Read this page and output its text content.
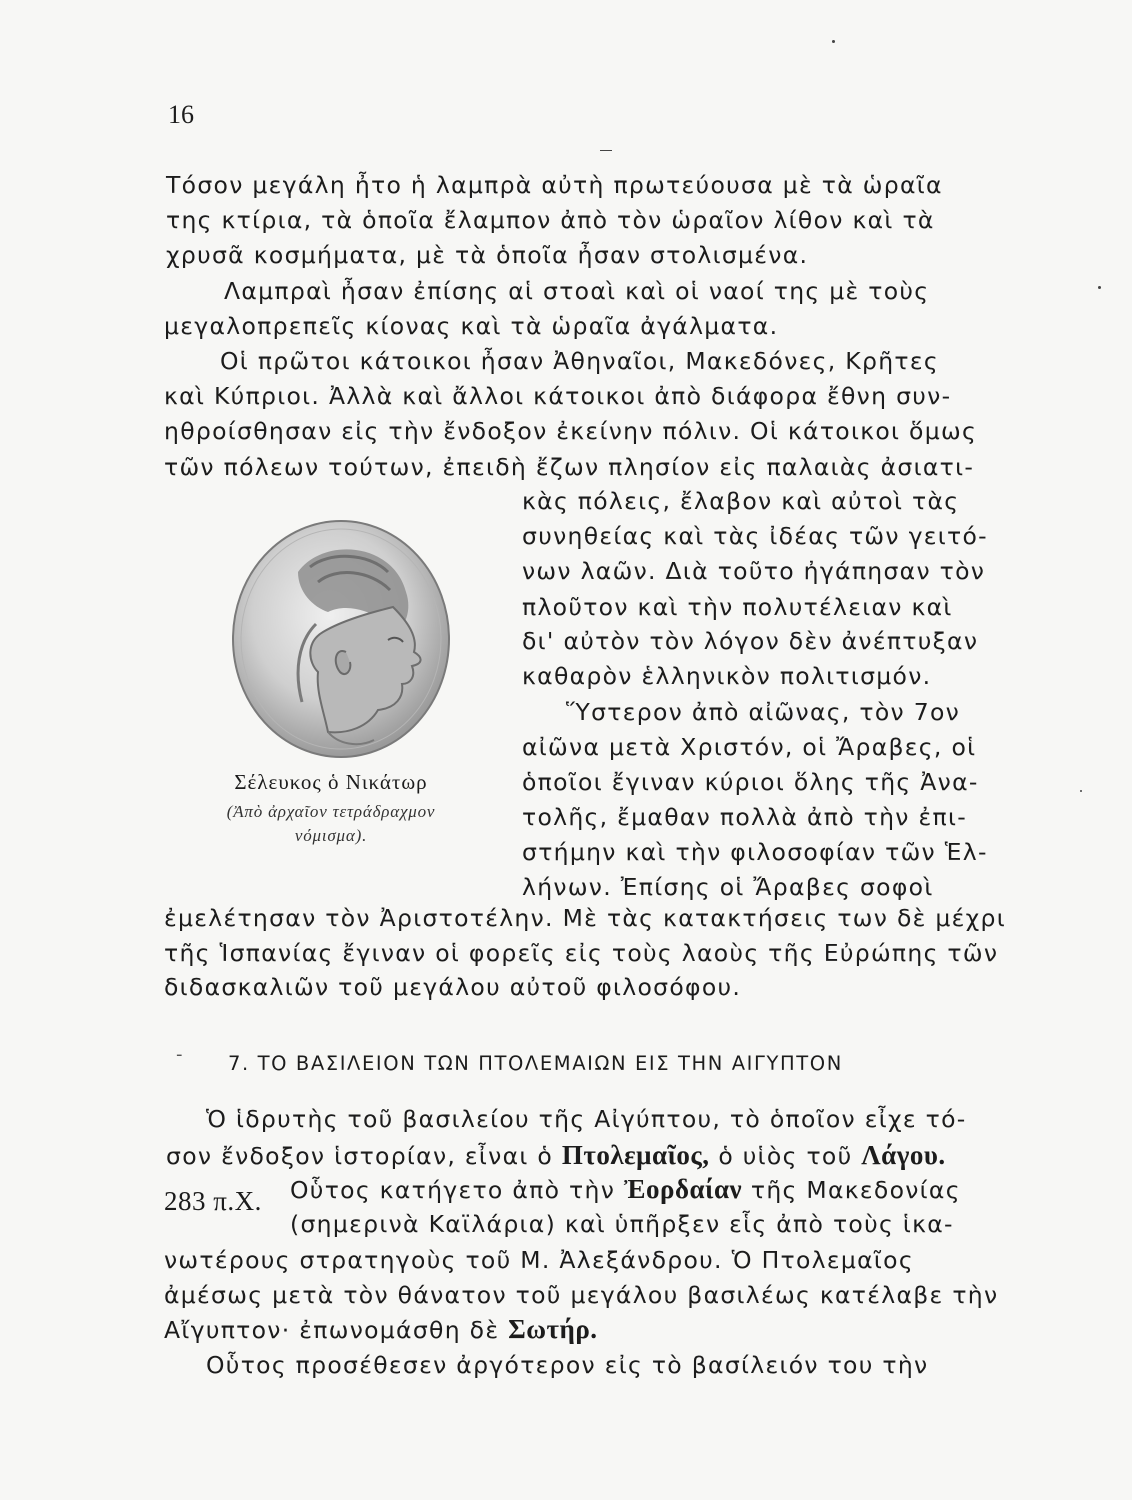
16
Τόσον μεγάλη ἦτο ἡ λαμπρὰ αὐτὴ πρωτεύουσα μὲ τὰ ὡραῖα
της κτίρια, τὰ ὁποῖα ἔλαμπον ἀπὸ τὸν ὡραῖον λίθον καὶ τὰ
χρυσᾶ κοσμήματα, μὲ τὰ ὁποῖα ἦσαν στολισμένα.
Λαμπραὶ ἦσαν ἐπίσης αἱ στοαὶ καὶ οἱ ναοί της μὲ τοὺς
μεγαλοπρεπεῖς κίονας καὶ τὰ ὡραῖα ἀγάλματα.
Οἱ πρῶτοι κάτοικοι ἦσαν Ἀθηναῖοι, Μακεδόνες, Κρῆτες
καὶ Κύπριοι. Ἀλλὰ καὶ ἄλλοι κάτοικοι ἀπὸ διάφορα ἔθνη συν-
ηθροίσθησαν εἰς τὴν ἔνδοξον ἐκείνην πόλιν. Οἱ κάτοικοι ὅμως
τῶν πόλεων τούτων, ἐπειδὴ ἔζων πλησίον εἰς παλαιὰς ἀσιατι-
κὰς πόλεις, ἔλαβον καὶ αὐτοὶ τὰς
συνηθείας καὶ τὰς ἰδέας τῶν γειτό-
νων λαῶν. Διὰ τοῦτο ἠγάπησαν τὸν
πλοῦτον καὶ τὴν πολυτέλειαν καὶ
δι' αὐτὸν τὸν λόγον δὲν ἀνέπτυξαν
καθαρὸν ἑλληνικὸν πολιτισμόν.
Ὕστερον ἀπὸ αἰῶνας, τὸν 7ον
αἰῶνα μετὰ Χριστόν, οἱ Ἄραβες, οἱ
ὁποῖοι ἔγιναν κύριοι ὅλης τῆς Ἀνα-
τολῆς, ἔμαθαν πολλὰ ἀπὸ τὴν ἐπι-
στήμην καὶ τὴν φιλοσοφίαν τῶν Ἑλ-
λήνων. Ἐπίσης οἱ Ἄραβες σοφοὶ
ἐμελέτησαν τὸν Ἀριστοτέλην. Μὲ τὰς κατακτήσεις των δὲ μέχρι
τῆς Ἱσπανίας ἔγιναν οἱ φορεῖς εἰς τοὺς λαοὺς τῆς Εὐρώπης τῶν
διδασκαλιῶν τοῦ μεγάλου αὐτοῦ φιλοσόφου.
Σέλευκος ὁ Νικάτωρ
(Ἀπὸ ἀρχαῖον τετράδραχμον
νόμισμα).
- 7. ΤΟ ΒΑΣΙΛΕΙΟΝ ΤΩΝ ΠΤΟΛΕΜΑΙΩΝ ΕΙΣ ΤΗΝ ΑΙΓΥΠΤΟΝ
Ὁ ἱδρυτὴς τοῦ βασιλείου τῆς Αἰγύπτου, τὸ ὁποῖον εἶχε τό-
σον ἔνδοξον ἱστορίαν, εἶναι ὁ Πτολεμαῖος, ὁ υἱὸς τοῦ Λάγου.
283 π.Χ. Οὗτος κατήγετο ἀπὸ τὴν Ἐορδαίαν τῆς Μακεδονίας
(σημερινὰ Καϊλάρια) καὶ ὑπῆρξεν εἷς ἀπὸ τοὺς ἱκα-
νωτέρους στρατηγοὺς τοῦ Μ. Ἀλεξάνδρου. Ὁ Πτολεμαῖος
ἀμέσως μετὰ τὸν θάνατον τοῦ μεγάλου βασιλέως κατέλαβε τὴν
Αἴγυπτον· ἐπωνομάσθη δὲ Σωτήρ.
Οὗτος προσέθεσεν ἀργότερον εἰς τὸ βασίλειόν του τὴν
